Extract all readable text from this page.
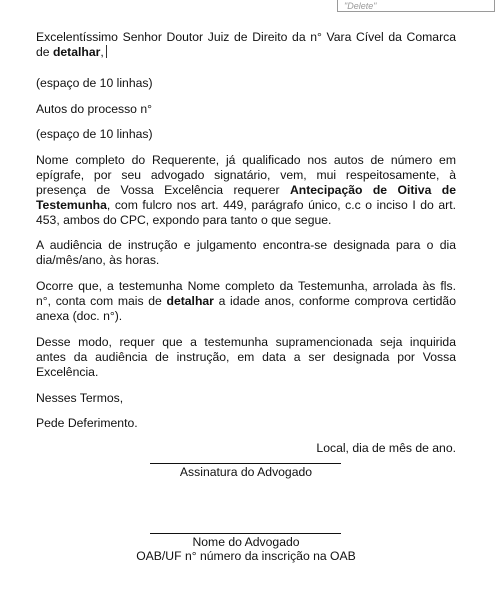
"Delete"

Excelentíssimo Senhor Doutor Juiz de Direito da n° Vara Cível da Comarca de detalhar,

(espaço de 10 linhas)

Autos do processo n°

(espaço de 10 linhas)

Nome completo do Requerente, já qualificado nos autos de número em epígrafe, por seu advogado signatário, vem, mui respeitosamente, à presença de Vossa Excelência requerer Antecipação de Oitiva de Testemunha, com fulcro nos art. 449, parágrafo único, c.c o inciso I do art. 453, ambos do CPC, expondo para tanto o que segue.

A audiência de instrução e julgamento encontra-se designada para o dia dia/mês/ano, às horas.

Ocorre que, a testemunha Nome completo da Testemunha, arrolada às fls. n°, conta com mais de detalhar a idade anos, conforme comprova certidão anexa (doc. n°).

Desse modo, requer que a testemunha supramencionada seja inquirida antes da audiência de instrução, em data a ser designada por Vossa Excelência.

Nesses Termos,

Pede Deferimento.

Local, dia de mês de ano.

Assinatura do Advogado
Nome do Advogado
OAB/UF n° número da inscrição na OAB
